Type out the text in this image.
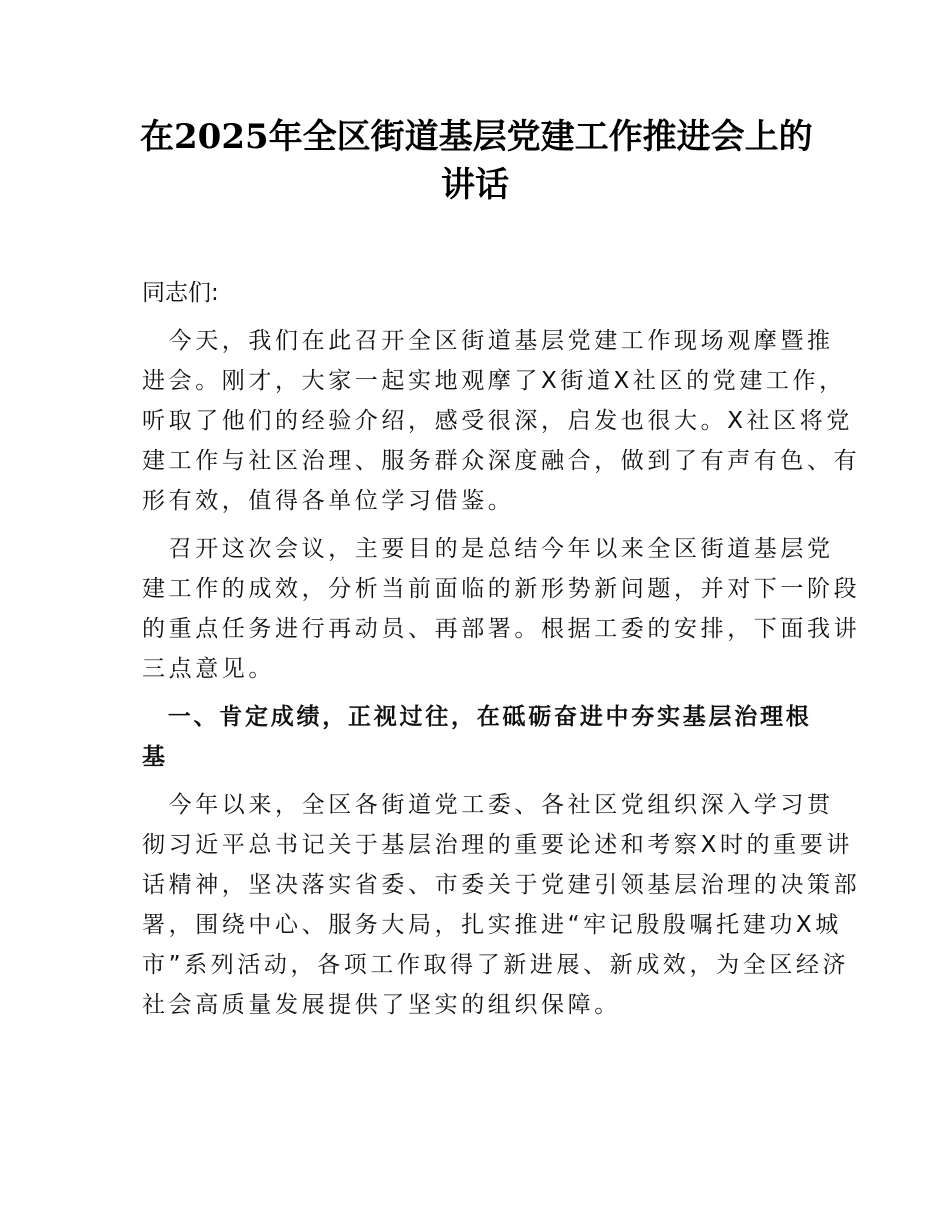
在2025年全区街道基层党建工作推进会上的
讲话
同志们:
　今天，我们在此召开全区街道基层党建工作现场观摩暨推
进会。刚才，大家一起实地观摩了X街道X社区的党建工作，
听取了他们的经验介绍，感受很深，启发也很大。X社区将党
建工作与社区治理、服务群众深度融合，做到了有声有色、有
形有效，值得各单位学习借鉴。
　召开这次会议，主要目的是总结今年以来全区街道基层党
建工作的成效，分析当前面临的新形势新问题，并对下一阶段
的重点任务进行再动员、再部署。根据工委的安排，下面我讲
三点意见。
　一、肯定成绩，正视过往，在砥砺奋进中夯实基层治理根
基
　今年以来，全区各街道党工委、各社区党组织深入学习贯
彻习近平总书记关于基层治理的重要论述和考察X时的重要讲
话精神，坚决落实省委、市委关于党建引领基层治理的决策部
署，围绕中心、服务大局，扎实推进“牢记殷殷嘱托建功X城
市”系列活动，各项工作取得了新进展、新成效，为全区经济
社会高质量发展提供了坚实的组织保障。
